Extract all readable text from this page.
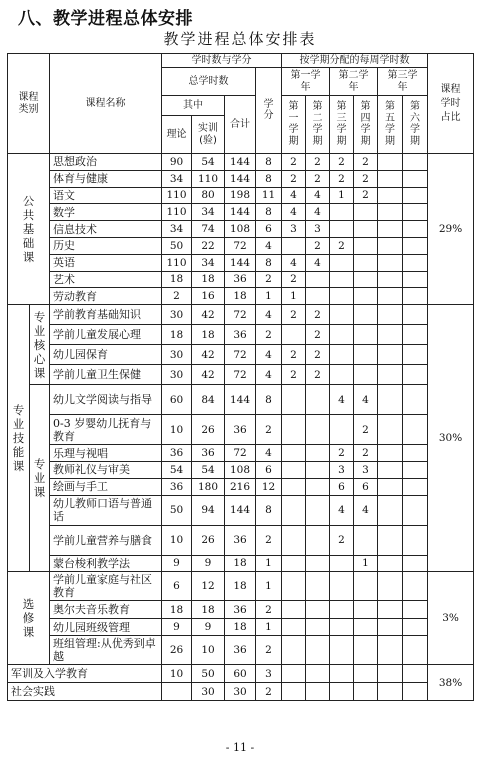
八、教学进程总体安排
教学进程总体安排表
课程类别		课程名称	学时数与学分				按学期分配的每周学时数						课程学时占比
			总学时数			学分	第一学年		第二学年		第三学年		
			其中		合计		第一学期	第二学期	第三学期	第四学期	第五学期	第六学期	
			理论	实训(验)									
公共基础课		思想政治	90	54	144	8	2	2	2	2			29%
		体育与健康	34	110	144	8	2	2	2	2			
		语文	110	80	198	11	4	4	1	2			
		数学	110	34	144	8	4	4					
		信息技术	34	74	108	6	3	3					
		历史	50	22	72	4		2	2				
		英语	110	34	144	8	4	4					
		艺术	18	18	36	2	2						
		劳动教育	2	16	18	1	1						
专业技能课	专业核心课	学前教育基础知识	30	42	72	4	2	2					30%
		学前儿童发展心理	18	18	36	2		2					
		幼儿园保育	30	42	72	4	2	2					
		学前儿童卫生保健	30	42	72	4	2	2					
	专业课	幼儿文学阅读与指导	60	84	144	8			4	4			
		0-3 岁婴幼儿抚育与教育	10	26	36	2				2			
		乐理与视唱	36	36	72	4			2	2			
		教师礼仪与审美	54	54	108	6			3	3			
		绘画与手工	36	180	216	12			6	6			
		幼儿教师口语与普通话	50	94	144	8			4	4			
		学前儿童营养与膳食	10	26	36	2			2				
		蒙台梭利教学法	9	9	18	1				1			
选修课		学前儿童家庭与社区教育	6	12	18	1							3%
		奥尔夫音乐教育	18	18	36	2							
		幼儿园班级管理	9	9	18	1							
		班组管理:从优秀到卓越	26	10	36	2							
军训及入学教育			10	50	60	3							38%
社会实践				30	30	2							
- 11 -
